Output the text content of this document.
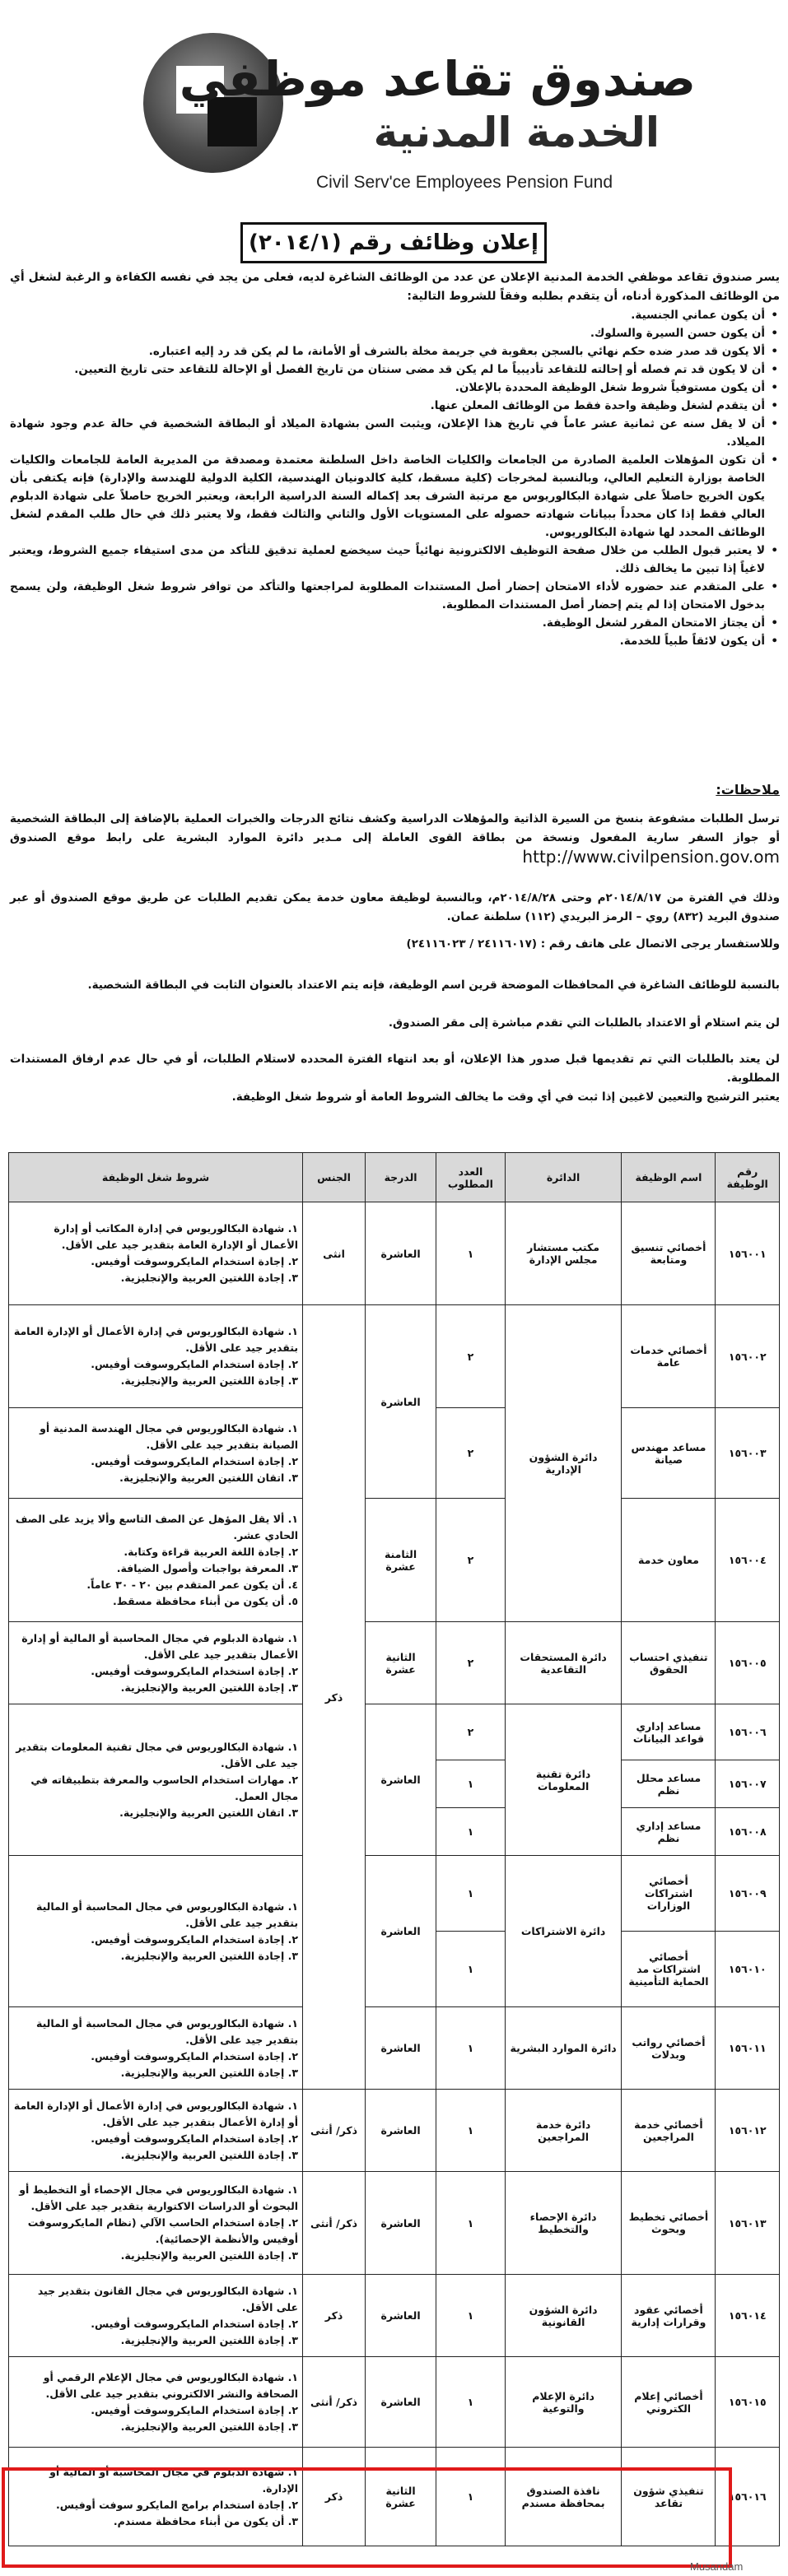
صندوق تقاعد موظفي
الخدمة المدنية
Civil Serv'ce Employees Pension Fund
إعلان وظائف رقم (٢٠١٤/١)

يسر صندوق تقاعد موظفي الخدمة المدنية الإعلان عن عدد من الوظائف الشاغرة لديه، فعلى من يجد في نفسه الكفاءة و الرغبة لشغل أي من الوظائف المذكورة أدناه، أن يتقدم بطلبه وفقاً للشروط التالية:

• أن يكون عماني الجنسية.
• أن يكون حسن السيرة والسلوك.
• ألا يكون قد صدر ضده حكم نهائي بالسجن بعقوبة في جريمة مخلة بالشرف أو الأمانة، ما لم يكن قد رد إليه اعتباره.
• أن لا يكون قد تم فصله أو إحالته للتقاعد تأديبياً ما لم يكن قد مضى سنتان من تاريخ الفصل أو الإحالة للتقاعد حتى تاريخ التعيين.
• أن يكون مستوفياً شروط شغل الوظيفة المحددة بالإعلان.
• أن يتقدم لشغل وظيفة واحدة فقط من الوظائف المعلن عنها.
• أن لا يقل سنه عن ثمانية عشر عاماً في تاريخ هذا الإعلان، ويثبت السن بشهادة الميلاد أو البطاقة الشخصية في حالة عدم وجود شهادة الميلاد.
• أن تكون المؤهلات العلمية الصادرة من الجامعات والكليات الخاصة داخل السلطنة معتمدة ومصدقة من المديرية العامة للجامعات والكليات الخاصة بوزارة التعليم العالي، وبالنسبة لمخرجات (كلية مسقط، كلية كالدونيان الهندسية، الكلية الدولية للهندسة والإدارة) فإنه يكتفى بأن يكون الخريج حاصلاً على شهادة البكالوريوس مع مرتبة الشرف بعد إكماله السنة الدراسية الرابعة، ويعتبر الخريج حاصلاً على شهادة الدبلوم العالي فقط إذا كان محدداً ببيانات شهادته حصوله على المستويات الأول والثاني والثالث فقط، ولا يعتبر ذلك في حال طلب المقدم لشغل الوظائف المحدد لها شهادة البكالوريوس.
• لا يعتبر قبول الطلب من خلال صفحة التوظيف الالكترونية نهائياً حيث سيخضع لعملية تدقيق للتأكد من مدى استيفاء جميع الشروط، ويعتبر لاغياً إذا تبين ما يخالف ذلك.
• على المتقدم عند حضوره لأداء الامتحان إحضار أصل المستندات المطلوبة لمراجعتها والتأكد من توافر شروط شغل الوظيفة، ولن يسمح بدخول الامتحان إذا لم يتم إحضار أصل المستندات المطلوبة.
• أن يجتاز الامتحان المقرر لشغل الوظيفة.
• أن يكون لائقاً طبياً للخدمة.
ملاحظات:
ترسل الطلبات مشفوعة بنسخ من السيرة الذاتية والمؤهلات الدراسية وكشف نتائج الدرجات والخبرات العملية بالإضافة إلى البطاقة الشخصية أو جواز السفر سارية المفعول ونسخة من بطاقة القوى العاملة إلى مـدير دائرة الموارد البشرية على رابط موقع الصندوق http://www.civilpension.gov.om
وذلك في الفترة من ٢٠١٤/٨/١٧م وحتى ٢٠١٤/٨/٢٨م، وبالنسبة لوظيفة معاون خدمة يمكن تقديم الطلبات عن طريق موقع الصندوق أو عبر صندوق البريد (٨٣٢) روي – الرمز البريدي (١١٢) سلطنة عمان.
وللاستفسار يرجى الاتصال على هاتف رقم : (٢٤١١٦٠١٧ / ٢٤١١٦٠٢٣)
بالنسبة للوظائف الشاغرة في المحافظات الموضحة قرين اسم الوظيفة، فإنه يتم الاعتداد بالعنوان الثابت في البطاقة الشخصية.
لن يتم استلام أو الاعتداد بالطلبات التي تقدم مباشرة إلى مقر الصندوق.
لن يعتد بالطلبات التي تم تقديمها قبل صدور هذا الإعلان، أو بعد انتهاء الفترة المحدده لاستلام الطلبات، أو في حال عدم ارفاق المستندات المطلوبة.
يعتبر الترشيح والتعيين لاغيين إذا ثبت في أي وقت ما يخالف الشروط العامة أو شروط شغل الوظيفة.
رقم الوظيفة	اسم الوظيفة	الدائرة	العدد المطلوب	الدرجة	الجنس	شروط شغل الوظيفة
١٥٦٠٠١	أخصائي تنسيق ومتابعة	مكتب مستشار مجلس الإدارة	١	العاشرة	انثى	١. شهادة البكالوريوس في إدارة المكاتب أو إدارة الأعمال أو الإدارة العامة بتقدير جيد على الأقل.
٢. إجادة استخدام المايكروسوفت أوفيس.
٣. إجادة اللغتين العربية والإنجليزية.

١٥٦٠٠٢	أخصائي خدمات عامة	دائرة الشؤون الإدارية	٢	العاشرة	ذكر	١. شهادة البكالوريوس في إدارة الأعمال أو الإدارة العامة بتقدير جيد على الأقل.
٢. إجادة استخدام المايكروسوفت أوفيس.
٣. إجادة اللغتين العربية والإنجليزية.

١٥٦٠٠٣	مساعد مهندس صيانة		٢			١. شهادة البكالوريوس في مجال الهندسة المدنية أو الصيانة بتقدير جيد على الأقل.
٢. إجادة استخدام المايكروسوفت أوفيس.
٣. اتقان اللغتين العربية والإنجليزية.

١٥٦٠٠٤	معاون خدمة		٢	الثامنة عشرة		١. ألا يقل المؤهل عن الصف التاسع وألا يزيد على الصف الحادي عشر.
٢. إجادة اللغة العربية قراءة وكتابة.
٣. المعرفة بواجبات وأصول الضيافة.
٤. أن يكون عمر المتقدم بين ٢٠ - ٣٠ عاماً.
٥. أن يكون من أبناء محافظة مسقط.

١٥٦٠٠٥	تنفيذي احتساب الحقوق	دائرة المستحقات التقاعدية	٢	الثانية عشرة		١. شهادة الدبلوم في مجال المحاسبة أو المالية أو إدارة الأعمال بتقدير جيد على الأقل.
٢. إجادة استخدام المايكروسوفت أوفيس.
٣. إجادة اللغتين العربية والإنجليزية.

١٥٦٠٠٦	مساعد إداري قواعد البيانات	دائرة تقنية المعلومات	٢	العاشرة		١. شهادة البكالوريوس في مجال تقنية المعلومات بتقدير جيد على الأقل.
٢. مهارات استخدام الحاسوب والمعرفة بتطبيقاته في مجال العمل.
٣. اتقان اللغتين العربية والإنجليزية.

١٥٦٠٠٧	مساعد محلل نظم		١			
١٥٦٠٠٨	مساعد إداري نظم		١			
١٥٦٠٠٩	أخصائي اشتراكات الوزارات	دائرة الاشتراكات	١	العاشرة		١. شهادة البكالوريوس في مجال المحاسبة أو المالية بتقدير جيد على الأقل.
٢. إجادة استخدام المايكروسوفت أوفيس.
٣. إجادة اللغتين العربية والإنجليزية.

١٥٦٠١٠	أخصائي اشتراكات مد الحماية التأمينية		١			
١٥٦٠١١	أخصائي رواتب وبدلات	دائرة الموارد البشرية	١	العاشرة		١. شهادة البكالوريوس في مجال المحاسبة أو المالية بتقدير جيد على الأقل.
٢. إجادة استخدام المايكروسوفت أوفيس.
٣. إجادة اللغتين العربية والإنجليزية.

١٥٦٠١٢	أخصائي خدمة المراجعين	دائرة خدمة المراجعين	١	العاشرة	ذكر/ أنثى	١. شهادة البكالوريوس في إدارة الأعمال أو الإدارة العامة أو إدارة الأعمال بتقدير جيد على الأقل.
٢. إجادة استخدام المايكروسوفت أوفيس.
٣. إجادة اللغتين العربية والإنجليزية.

١٥٦٠١٣	أخصائي تخطيط وبحوث	دائرة الإحصاء والتخطيط	١	العاشرة	ذكر/ أنثى	١. شهادة البكالوريوس في مجال الإحصاء أو التخطيط أو البحوث أو الدراسات الاكتوارية بتقدير جيد على الأقل.
٢. إجادة استخدام الحاسب الآلي (نظام المايكروسوفت أوفيس والأنظمة الإحصائية).
٣. إجادة اللغتين العربية والإنجليزية.

١٥٦٠١٤	أخصائي عقود وقرارات إدارية	دائرة الشؤون القانونية	١	العاشرة	ذكر	١. شهادة البكالوريوس في مجال القانون بتقدير جيد على الأقل.
٢. إجادة استخدام المايكروسوفت أوفيس.
٣. إجادة اللغتين العربية والإنجليزية.

١٥٦٠١٥	أخصائي إعلام الكتروني	دائرة الإعلام والتوعية	١	العاشرة	ذكر/ أنثى	١. شهادة البكالوريوس في مجال الإعلام الرقمي أو الصحافة والنشر الالكتروني بتقدير جيد على الأقل.
٢. إجادة استخدام المايكروسوفت أوفيس.
٣. إجادة اللغتين العربية والإنجليزية.

١٥٦٠١٦	تنفيذي شؤون تقاعد	نافذة الصندوق بمحافظة مسندم	١	الثانية عشرة	ذكر	١. شهادة الدبلوم في مجال المحاسبة أو المالية أو الإدارة.
٢. إجادة استخدام برامج المايكرو سوفت أوفيس.
٣. أن يكون من أبناء محافظة مسندم.
Musandam
